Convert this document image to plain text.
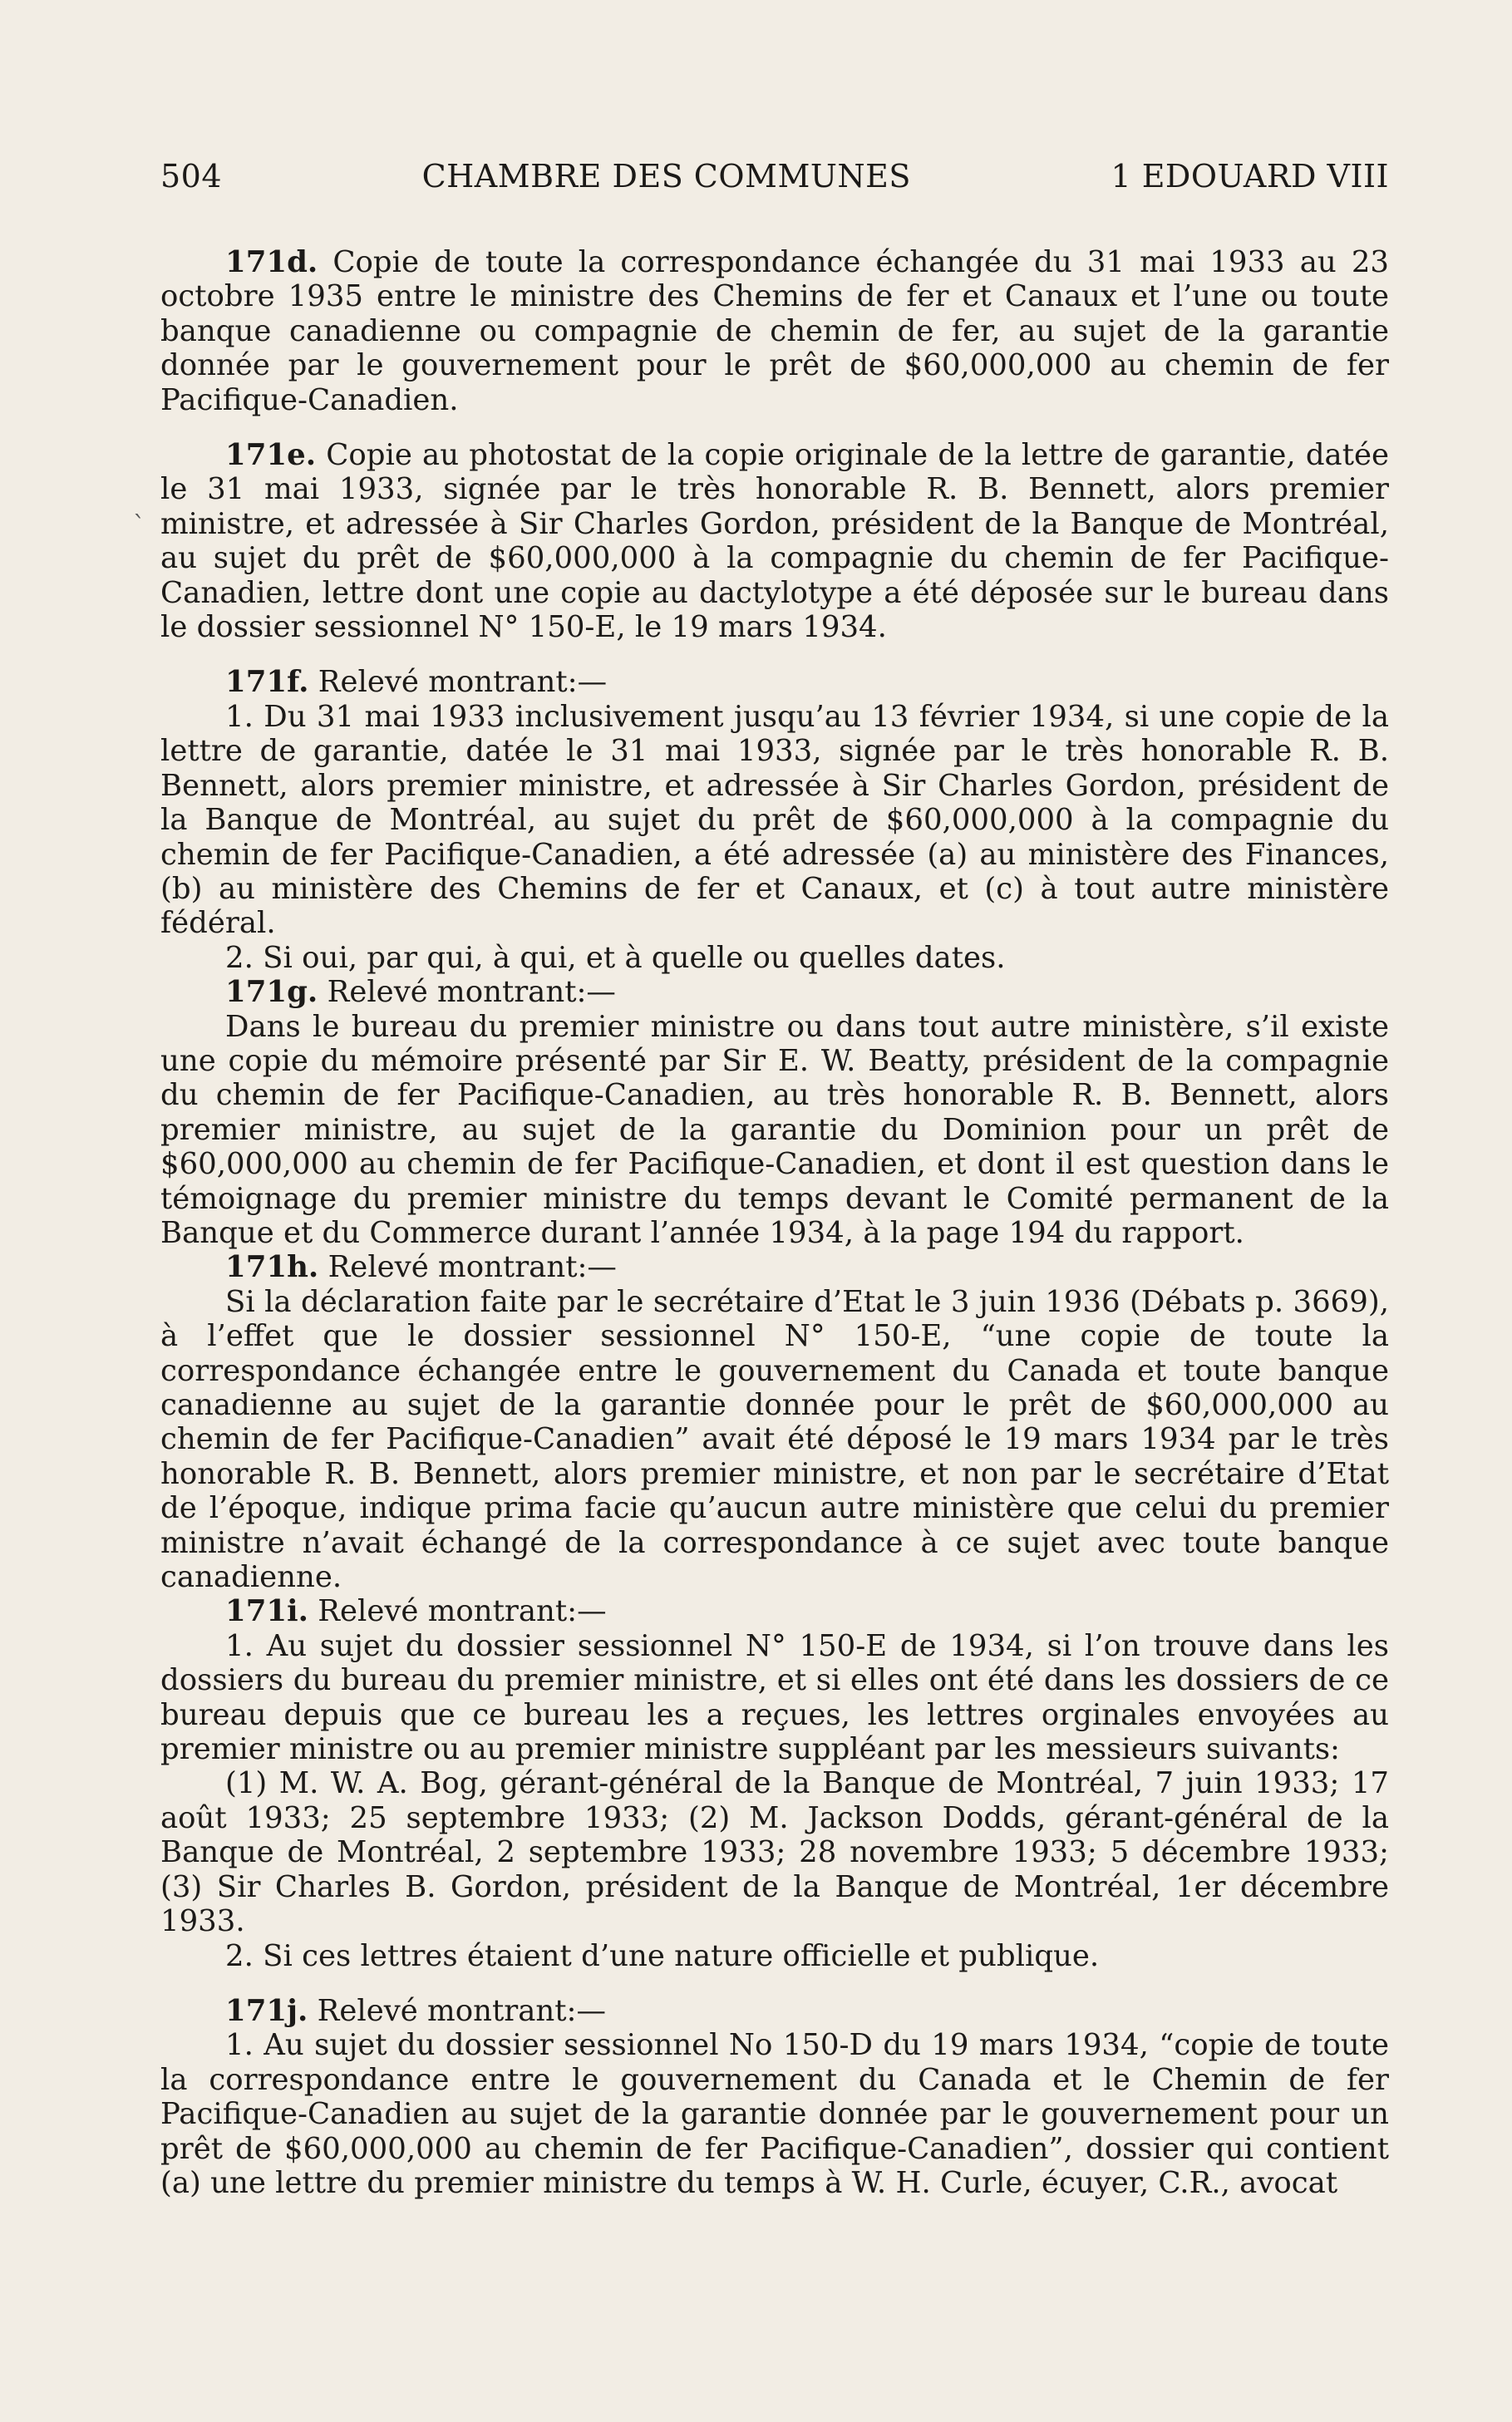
504	CHAMBRE DES COMMUNES	1 EDOUARD VIII
ˋ

171d. Copie de toute la correspondance échangée du 31 mai 1933 au 23 octobre 1935 entre le ministre des Chemins de fer et Canaux et l’une ou toute banque canadienne ou compagnie de chemin de fer, au sujet de la garantie donnée par le gouvernement pour le prêt de $60,000,000 au chemin de fer Pacifique-Canadien.

171e. Copie au photostat de la copie originale de la lettre de garantie, datée le 31 mai 1933, signée par le très honorable R. B. Bennett, alors premier ministre, et adressée à Sir Charles Gordon, président de la Banque de Montréal, au sujet du prêt de $60,000,000 à la compagnie du chemin de fer Pacifique-Canadien, lettre dont une copie au dactylotype a été déposée sur le bureau dans le dossier sessionnel N° 150-E, le 19 mars 1934.

171f. Relevé montrant:—

1. Du 31 mai 1933 inclusivement jusqu’au 13 février 1934, si une copie de la lettre de garantie, datée le 31 mai 1933, signée par le très honorable R. B. Bennett, alors premier ministre, et adressée à Sir Charles Gordon, président de la Banque de Montréal, au sujet du prêt de $60,000,000 à la compagnie du chemin de fer Pacifique-Canadien, a été adressée (a) au ministère des Finances, (b) au ministère des Chemins de fer et Canaux, et (c) à tout autre ministère fédéral.

2. Si oui, par qui, à qui, et à quelle ou quelles dates.

171g. Relevé montrant:—

Dans le bureau du premier ministre ou dans tout autre ministère, s’il existe une copie du mémoire présenté par Sir E. W. Beatty, président de la compagnie du chemin de fer Pacifique-Canadien, au très honorable R. B. Bennett, alors premier ministre, au sujet de la garantie du Dominion pour un prêt de $60,000,000 au chemin de fer Pacifique-Canadien, et dont il est question dans le témoignage du premier ministre du temps devant le Comité permanent de la Banque et du Commerce durant l’année 1934, à la page 194 du rapport.

171h. Relevé montrant:—

Si la déclaration faite par le secrétaire d’Etat le 3 juin 1936 (Débats p. 3669), à l’effet que le dossier sessionnel N° 150-E, “une copie de toute la correspondance échangée entre le gouvernement du Canada et toute banque canadienne au sujet de la garantie donnée pour le prêt de $60,000,000 au chemin de fer Pacifique-Canadien” avait été déposé le 19 mars 1934 par le très honorable R. B. Bennett, alors premier ministre, et non par le secrétaire d’Etat de l’époque, indique prima facie qu’aucun autre ministère que celui du premier ministre n’avait échangé de la correspondance à ce sujet avec toute banque canadienne.

171i. Relevé montrant:—

1. Au sujet du dossier sessionnel N° 150-E de 1934, si l’on trouve dans les dossiers du bureau du premier ministre, et si elles ont été dans les dossiers de ce bureau depuis que ce bureau les a reçues, les lettres orginales envoyées au premier ministre ou au premier ministre suppléant par les messieurs suivants:

(1) M. W. A. Bog, gérant-général de la Banque de Montréal, 7 juin 1933; 17 août 1933; 25 septembre 1933; (2) M. Jackson Dodds, gérant-général de la Banque de Montréal, 2 septembre 1933; 28 novembre 1933; 5 décembre 1933; (3) Sir Charles B. Gordon, président de la Banque de Montréal, 1er décembre 1933.

2. Si ces lettres étaient d’une nature officielle et publique.

171j. Relevé montrant:—

1. Au sujet du dossier sessionnel No 150-D du 19 mars 1934, “copie de toute la correspondance entre le gouvernement du Canada et le Chemin de fer Pacifique-Canadien au sujet de la garantie donnée par le gouvernement pour un prêt de $60,000,000 au chemin de fer Pacifique-Canadien”, dossier qui contient (a) une lettre du premier ministre du temps à W. H. Curle, écuyer, C.R., avocat
